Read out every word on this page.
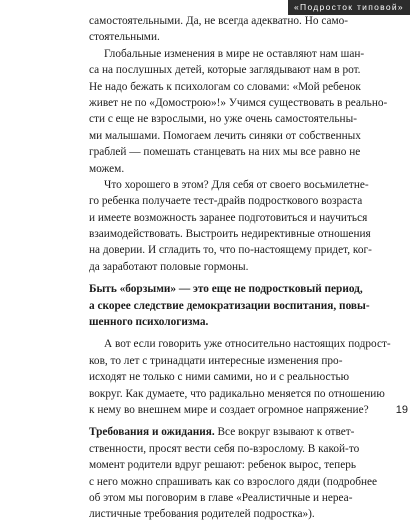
«Подросток типовой»
самостоятельными. Да, не всегда адекватно. Но само-
стоятельными.
Глобальные изменения в мире не оставляют нам шан-
са на послушных детей, которые заглядывают нам в рот.
Не надо бежать к психологам со словами: «Мой ребенок
живет не по «Домострою»!» Учимся существовать в реально-
сти с еще не взрослыми, но уже очень самостоятельны-
ми малышами. Помогаем лечить синяки от собственных
граблей — помешать станцевать на них мы все равно не
можем.
Что хорошего в этом? Для себя от своего восьмилетне-
го ребенка получаете тест-драйв подросткового возраста
и имеете возможность заранее подготовиться и научиться
взаимодействовать. Выстроить недирективные отношения
на доверии. И сгладить то, что по-настоящему придет, ког-
да заработают половые гормоны.
Быть «борзыми» — это еще не подростковый период,
а скорее следствие демократизации воспитания, повы-
шенного психологизма.
А вот если говорить уже относительно настоящих подрост-
ков, то лет с тринадцати интересные изменения про-
исходят не только с ними самими, но и с реальностью
вокруг. Как думаете, что радикально меняется по отношению
к нему во внешнем мире и создает огромное напряжение?
Требования и ожидания. Все вокруг взывают к ответ-
ственности, просят вести себя по-взрослому. В какой-то
момент родители вдруг решают: ребенок вырос, теперь
с него можно спрашивать как со взрослого дяди (подробнее
об этом мы поговорим в главе «Реалистичные и нереа-
листичные требования родителей подростка»).
19
